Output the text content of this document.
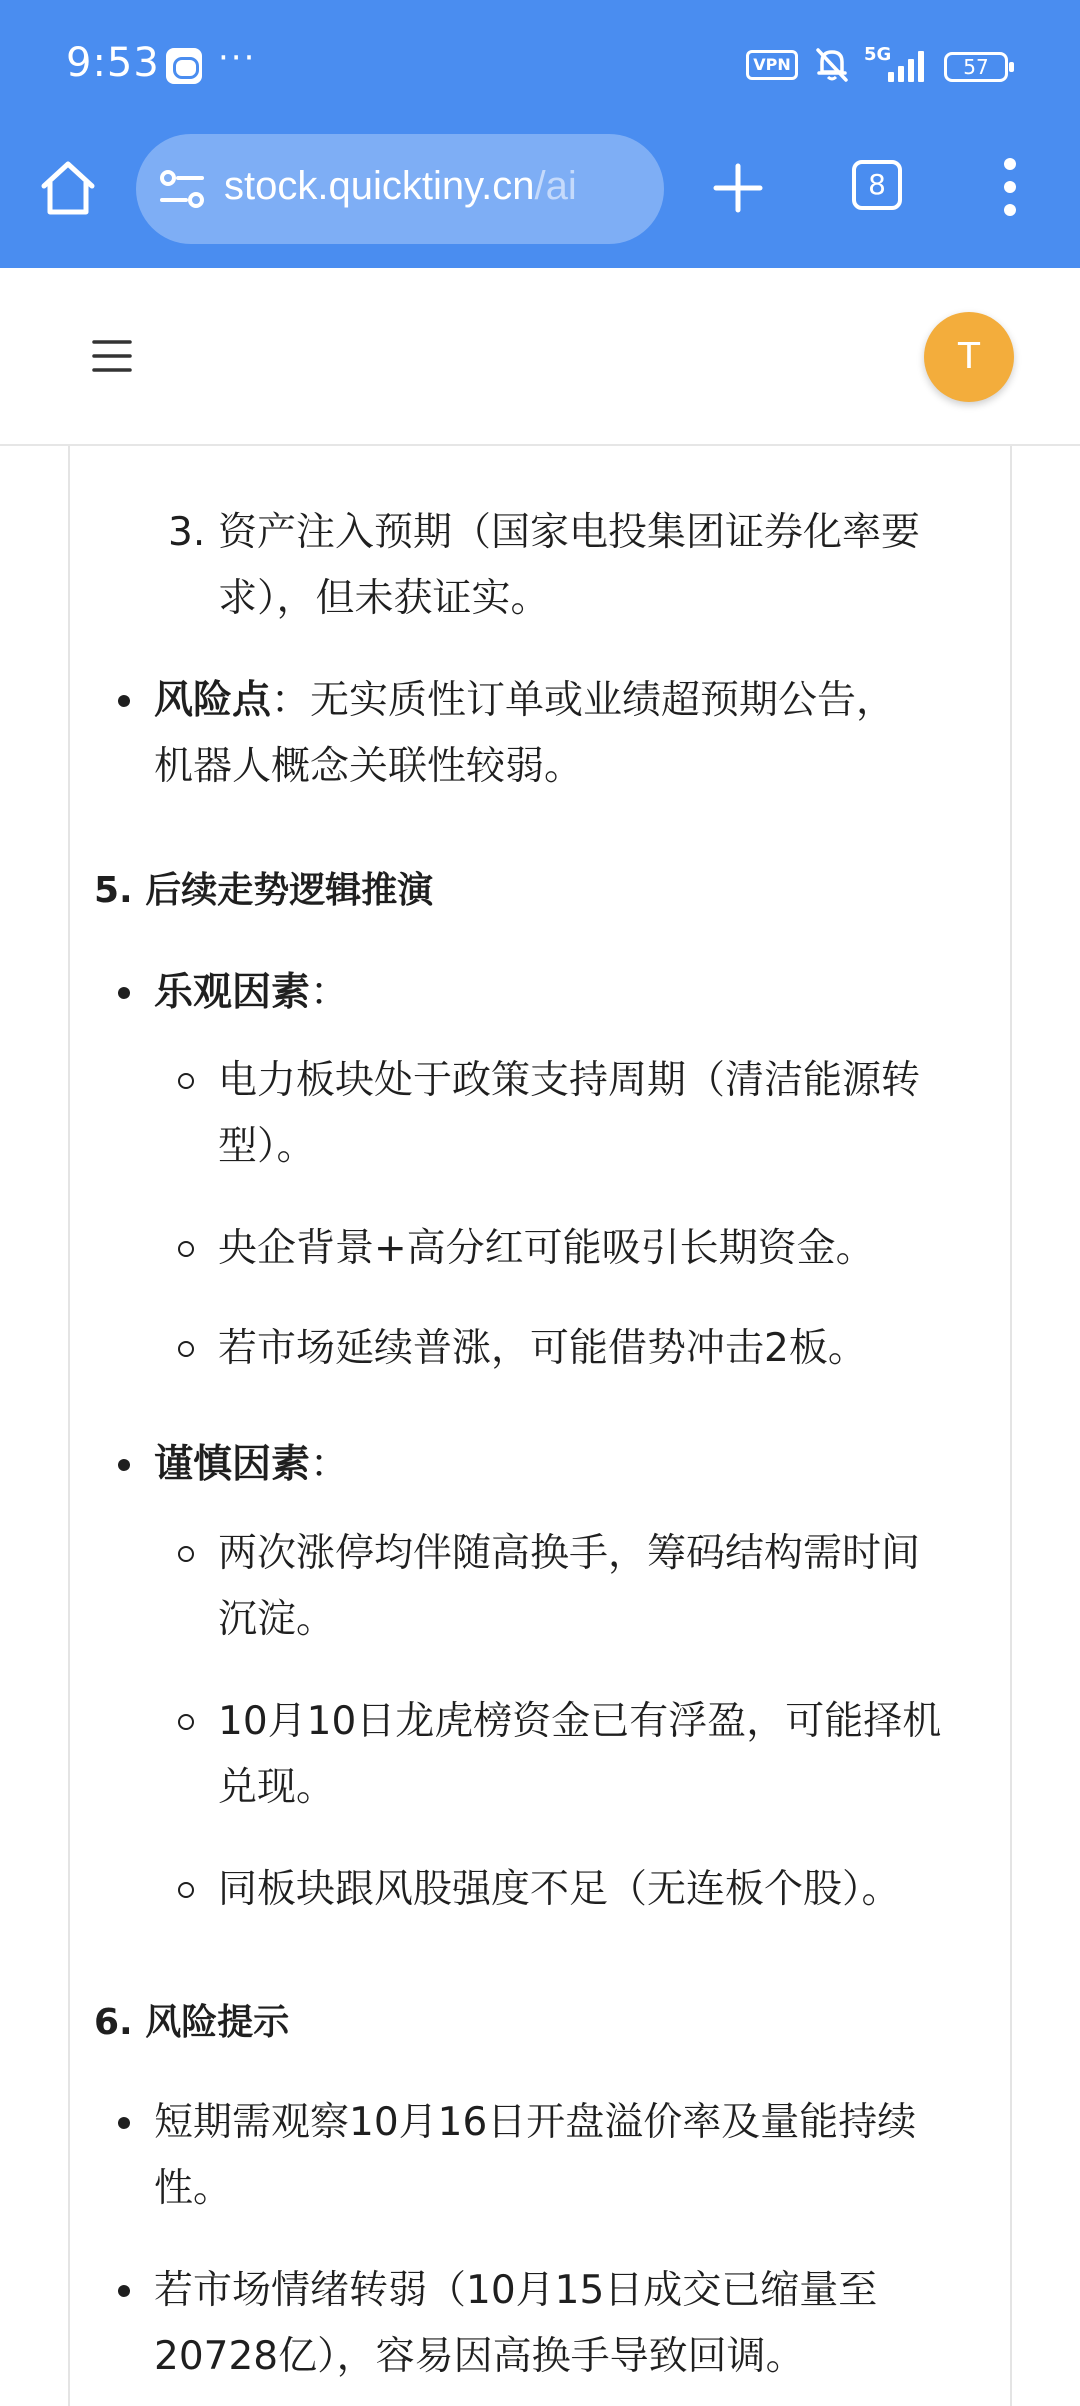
9:53 ···	VPN	5G
57
stock.quicktiny.cn/ai	8
T
3. 资产注入预期（国家电投集团证券化率要
求），但未获证实。
风险点：无实质性订单或业绩超预期公告，
机器人概念关联性较弱。
5. 后续走势逻辑推演
乐观因素：
电力板块处于政策支持周期（清洁能源转
型）。
央企背景+高分红可能吸引长期资金。
若市场延续普涨，可能借势冲击2板。
谨慎因素：
两次涨停均伴随高换手，筹码结构需时间
沉淀。
10月10日龙虎榜资金已有浮盈，可能择机
兑现。
同板块跟风股强度不足（无连板个股）。
6. 风险提示
短期需观察10月16日开盘溢价率及量能持续
性。
若市场情绪转弱（10月15日成交已缩量至
20728亿），容易因高换手导致回调。
